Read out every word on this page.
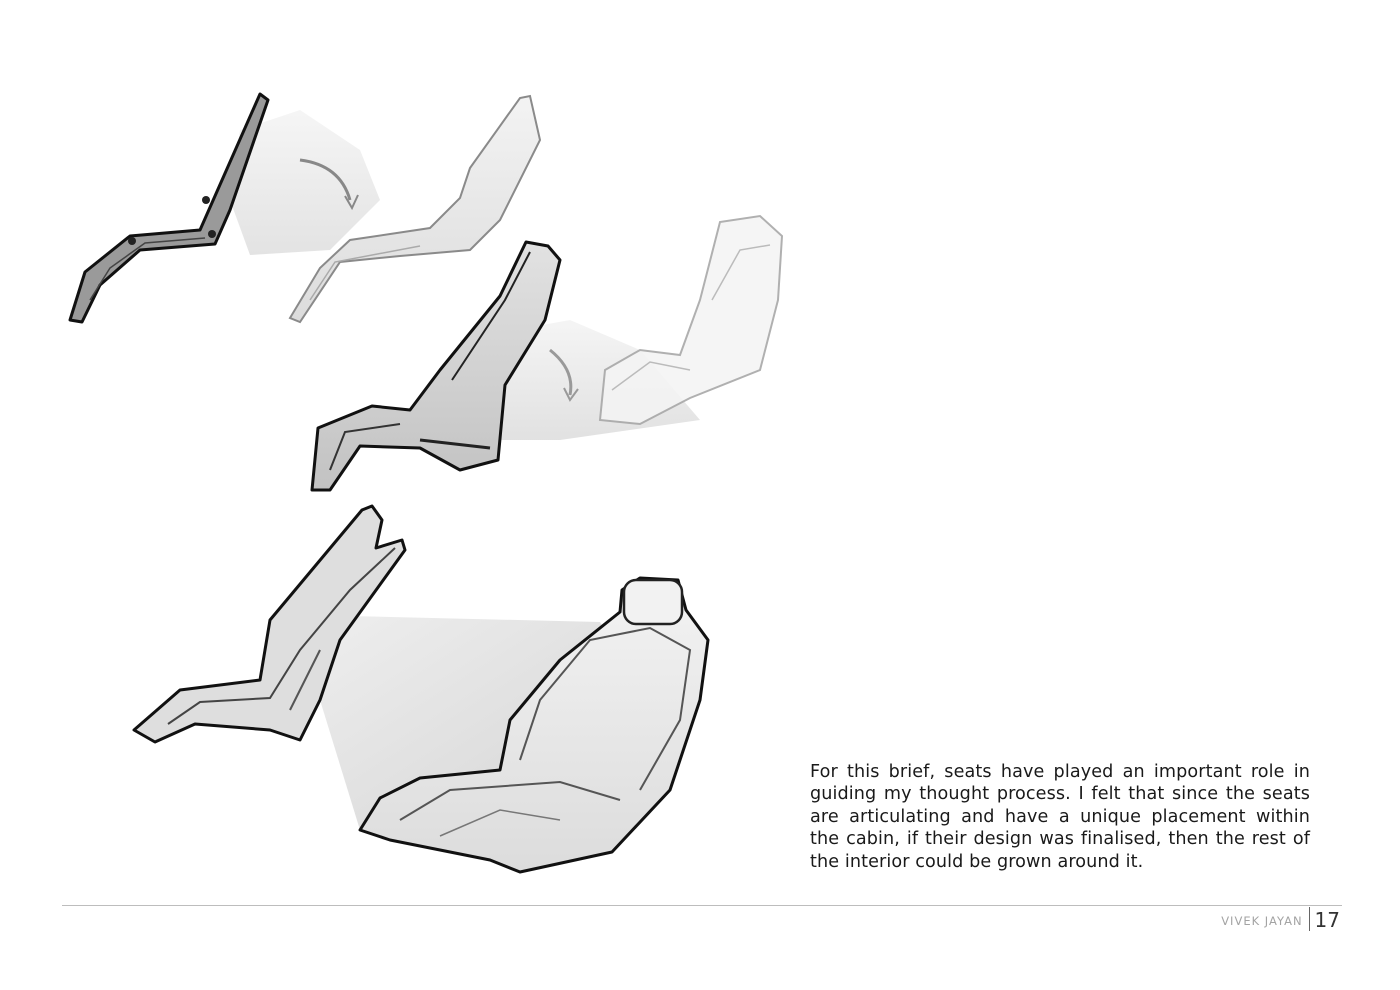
For this brief, seats have played an important role in guiding my thought process. I felt that since the seats are articulating and have a unique placement within the cabin, if their design was finalised, then the rest of the interior could be grown around it.

VIVEK JAYAN 17
